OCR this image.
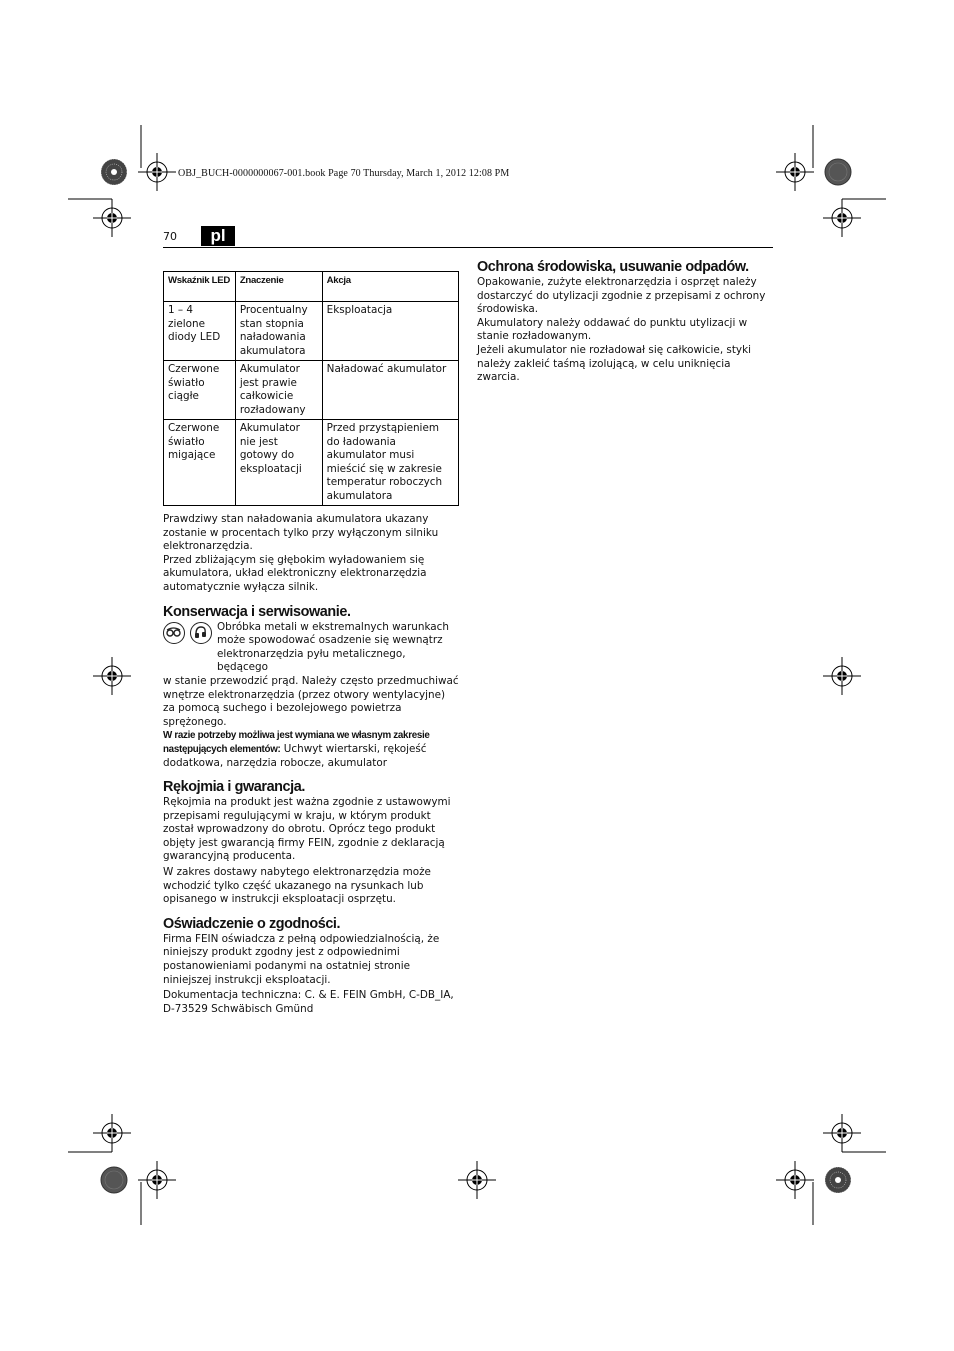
OBJ_BUCH-0000000067-001.book Page 70 Thursday, March 1, 2012 12:08 PM
70	pl
Wskaźnik LED	Znaczenie	Akcja
1 – 4 zielone diody LED	Procentualny stan stopnia naładowania akumulatora	Eksploatacja
Czerwone światło ciągłe	Akumulator jest prawie całkowicie rozładowany	Naładować akumulator
Czerwone światło migające	Akumulator nie jest gotowy do eksploatacji	Przed przystąpieniem do ładowania akumulator musi mieścić się w zakresie temperatur roboczych akumulatora

Prawdziwy stan naładowania akumulatora ukazany zostanie w procentach tylko przy wyłączonym silniku elektronarzędzia.

Przed zbliżającym się głębokim wyładowaniem się akumulatora, układ elektroniczny elektronarzędzia automatycznie wyłącza silnik.

Konserwacja i serwisowanie.

Obróbka metali w ekstremalnych warunkach może spowodować osadzenie się wewnątrz elektronarzędzia pyłu metalicznego, będącego

w stanie przewodzić prąd. Należy często przedmuchiwać wnętrze elektronarzędzia (przez otwory wentylacyjne) za pomocą suchego i bezolejowego powietrza sprężonego.

W razie potrzeby możliwa jest wymiana we własnym zakresie następujących elementów: Uchwyt wiertarski, rękojeść dodatkowa, narzędzia robocze, akumulator

Rękojmia i gwarancja.

Rękojmia na produkt jest ważna zgodnie z ustawowymi przepisami regulującymi w kraju, w którym produkt został wprowadzony do obrotu. Oprócz tego produkt objęty jest gwarancją firmy FEIN, zgodnie z deklaracją gwarancyjną producenta.

W zakres dostawy nabytego elektronarzędzia może wchodzić tylko część ukazanego na rysunkach lub opisanego w instrukcji eksploatacji osprzętu.

Oświadczenie o zgodności.

Firma FEIN oświadcza z pełną odpowiedzialnością, że niniejszy produkt zgodny jest z odpowiednimi postanowieniami podanymi na ostatniej stronie niniejszej instrukcji eksploatacji.

Dokumentacja techniczna: C. & E. FEIN GmbH, C-DB_IA, D-73529 Schwäbisch Gmünd

Ochrona środowiska, usuwanie odpadów.

Opakowanie, zużyte elektronarzędzia i osprzęt należy dostarczyć do utylizacji zgodnie z przepisami z ochrony środowiska.

Akumulatory należy oddawać do punktu utylizacji w stanie rozładowanym.

Jeżeli akumulator nie rozładował się całkowicie, styki należy zakleić taśmą izolującą, w celu uniknięcia zwarcia.
